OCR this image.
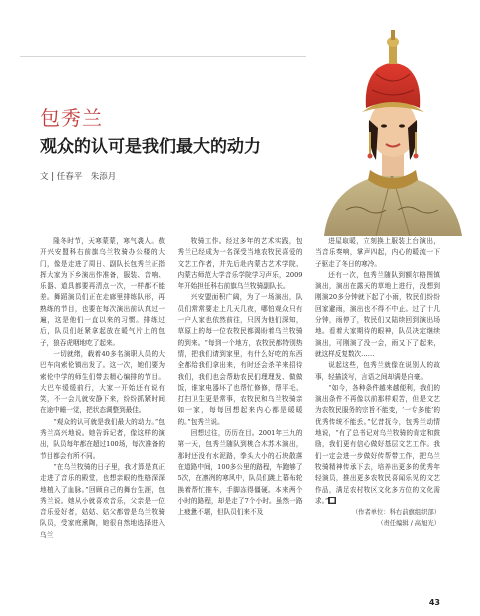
包秀兰
观众的认可是我们最大的动力
文 | 任春平　朱添月

隆冬时节，天寒蒙蒙，寒气袭人。敖开兴安盟科右前旗乌兰牧骑办公楼的大门，像是走进了周日、副队长包秀兰正指挥大家为下乡演出作准备，服装、音响、乐器、道具都要再清点一次，一样都不能差。舞蹈演员们正在走廊里排练队形，再熟练的节目，也要在每次演出前认真过一遍，这是他们一直以来的习惯。排练过后，队员们赶紧拿起放在暖气片上的包子，狼吞虎咽地吃了起来。

一切就绪，载着40多名演职人员的大巴车向索伦镇出发了。这一次，她们要为索伦中学的师生们带去精心编排的节目。大巴车缓缓前行，大家一开始还有说有笑，不一会儿就安静下来，纷纷抓紧时间在途中睡一觉，把状态调整到最佳。

“观众的认可就是我们最大的动力。”包秀兰高兴地说。她告诉记者，像这样的演出，队员每年都在超过100场，每次准备的节目都会有所不同。

“在乌兰牧骑的日子里，我才算是真正走进了音乐的殿堂，也想亲眼的性格深深地植入了血脉。”回顾自己的舞台生涯，包秀兰说。她从小就喜欢音乐，父亲是一位音乐爱好者，姑姑、姑父都曾是乌兰牧骑队员，受家庭熏陶，她很自然地选择进入乌兰

牧骑工作。经过多年的艺术实践，包秀兰已经成为一名深受当地农牧民喜爱的文艺工作者，并先后赴内蒙古艺术学院、内蒙古师范大学音乐学院学习声乐，2009年开始担任科右前旗乌兰牧骑副队长。

兴安盟面积广阔，为了一场演出，队员们常常要走上几天几夜，哪怕观众只有一户人家也依然前往，只因为他们深知，草原上的每一位农牧民都渴盼着乌兰牧骑的到来。“每到一个地方，农牧民都特别热情，把我们请到家里，有什么好吃的东西全都给我们拿出来，有时还会杀羊来招待我们，我们也会帮助农民们理理发、做做饭，谁家电器坏了也帮忙修修，帮平毛、打扫卫生更是常事，农牧民和乌兰牧骑亲如一家，每每回想起来内心都是暖暖的。”包秀兰说。

回想过往，历历在目。2001年三九的第一天，包秀兰随队到桃合木苏木演出，那时还没有水泥路，拳头大小的石块散落在道路中间，100多公里的路程，车跑够了5次，在凛冽的寒风中，队员们跳上幕布轮换着帮忙推车，手脚冻得僵硬。本来两个小时的路程，却是走了7个小时。虽然一路上疲惫不堪，但队员们来不及

进屋取暖，立刻换上服装上台演出，当音乐奏响，掌声四起，内心的暖流一下子驱走了冬日的寒冷。

还有一次，包秀兰随队到额尔格图镇演出，演出在露天的草地上进行，没想到刚演20多分钟就下起了小雨，牧民们纷纷回家避雨，演出也不得不中止。过了十几分钟，雨停了，牧民们又陆续回到演出场地。看着大家期待的眼神，队员决定继续演出，可刚演了没一会，雨又下了起来，就这样反复数次……

说起这些，包秀兰就像在说别人的故事，轻描淡写，言语之间却满是自豪。

“如今，各种条件越来越便利，我们的演出条件不再像以前那样艰苦，但是文艺为农牧民服务的宗旨不能变，‘一专多能’的优秀传统不能丢。”忆昔抚今，包秀兰动情地说，“有了总书记对乌兰牧骑的肯定和鼓励，我们更有信心做好基层文艺工作。我们一定会进一步做好传帮带工作，把乌兰牧骑精神传承下去，培养出更多的优秀年轻演员，推出更多农牧民喜闻乐见的文艺作品，满足农村牧区文化多方位的文化需求。”■

（作者单位：科右前旗组织部）

（责任编辑 / 高旭光）

43
